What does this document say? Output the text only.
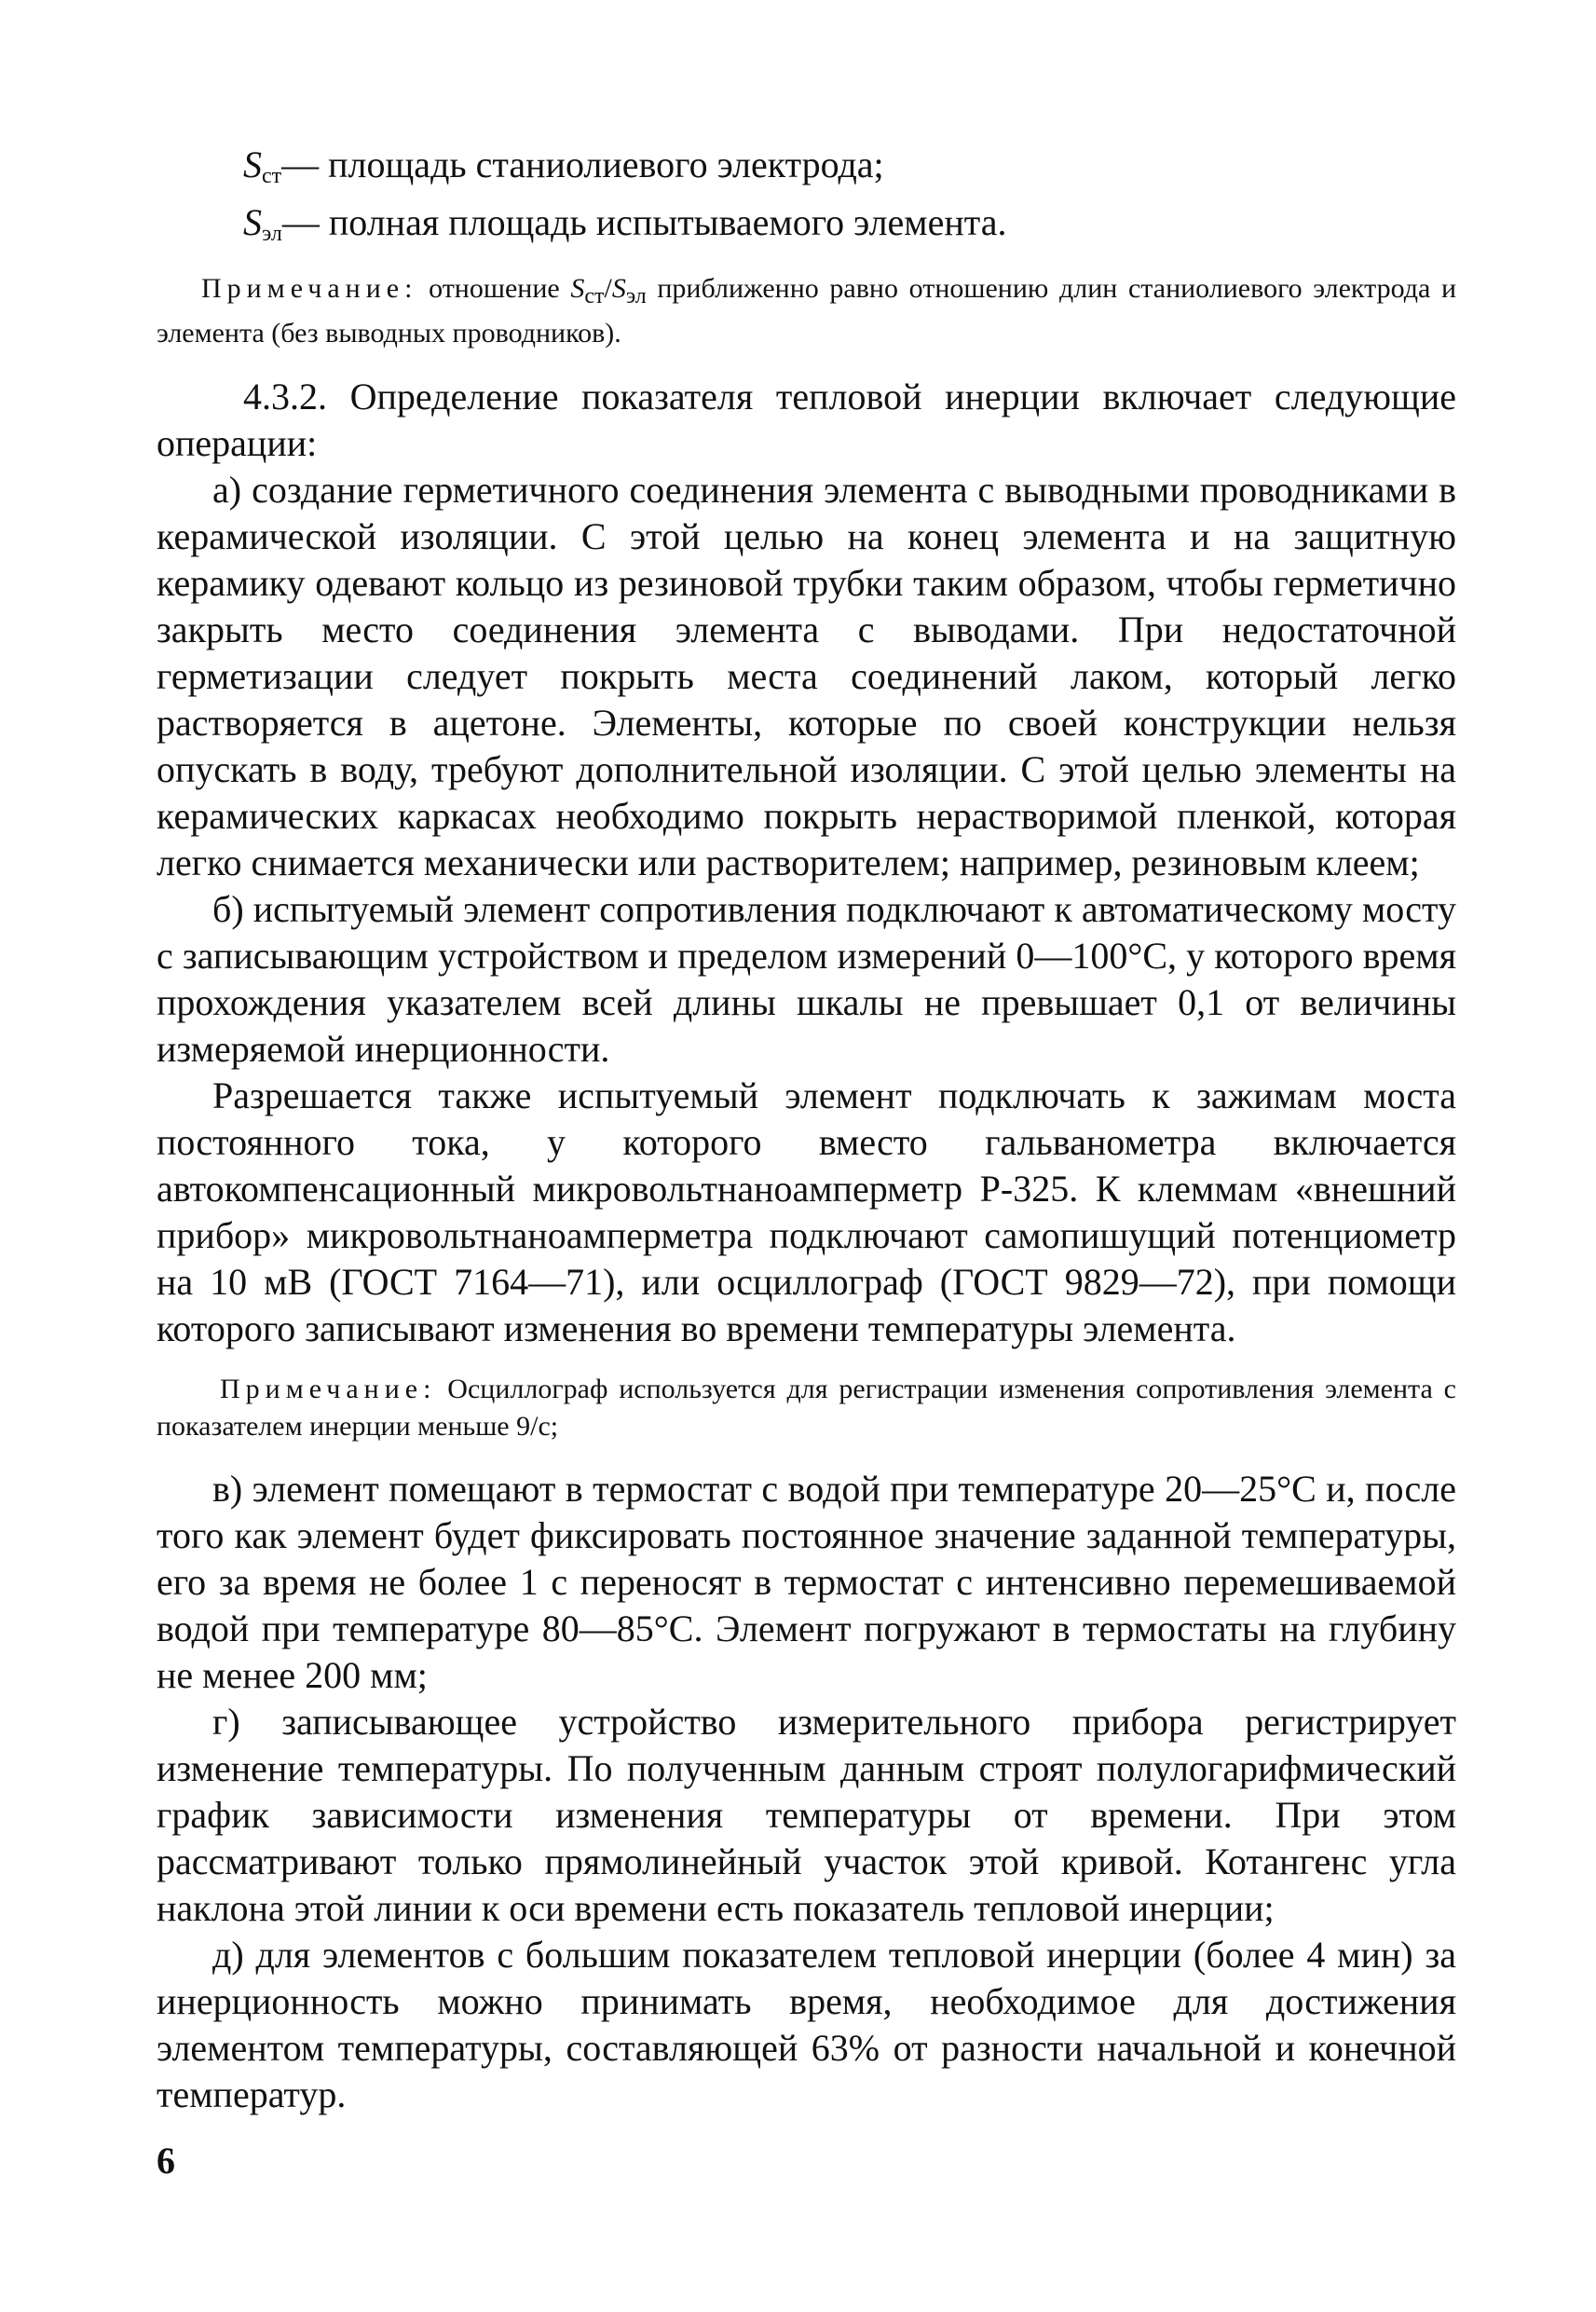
$S_{ст}—$ площадь станиолиевого электрода;

$S_{эл}—$ полная площадь испытываемого элемента.

Примечание: отношение $S_{ст}/S_{эл}$ приближенно равно отношению длин станиолиевого электрода и элемента (без выводных проводников).

4.3.2. Определение показателя тепловой инерции включает следующие операции:

а) создание герметичного соединения элемента с выводными проводниками в керамической изоляции. С этой целью на конец элемента и на защитную керамику одевают кольцо из резиновой трубки таким образом, чтобы герметично закрыть место соединения элемента с выводами. При недостаточной герметизации следует покрыть места соединений лаком, который легко растворяется в ацетоне. Элементы, которые по своей конструкции нельзя опускать в воду, требуют дополнительной изоляции. С этой целью элементы на керамических каркасах необходимо покрыть нерастворимой пленкой, которая легко снимается механически или растворителем; например, резиновым клеем;

б) испытуемый элемент сопротивления подключают к автоматическому мосту с записывающим устройством и пределом измерений 0—100°С, у которого время прохождения указателем всей длины шкалы не превышает 0,1 от величины измеряемой инерционности.

Разрешается также испытуемый элемент подключать к зажимам моста постоянного тока, у которого вместо гальванометра включается автокомпенсационный микровольтнаноамперметр Р-325. К клеммам «внешний прибор» микровольтнаноамперметра подключают самопишущий потенциометр на 10 мВ (ГОСТ 7164—71), или осциллограф (ГОСТ 9829—72), при помощи которого записывают изменения во времени температуры элемента.

Примечание: Осциллограф используется для регистрации изменения сопротивления элемента с показателем инерции меньше 9/с;

в) элемент помещают в термостат с водой при температуре 20—25°С и, после того как элемент будет фиксировать постоянное значение заданной температуры, его за время не более 1 с переносят в термостат с интенсивно перемешиваемой водой при температуре 80—85°С. Элемент погружают в термостаты на глубину не менее 200 мм;

г) записывающее устройство измерительного прибора регистрирует изменение температуры. По полученным данным строят полулогарифмический график зависимости изменения температуры от времени. При этом рассматривают только прямолинейный участок этой кривой. Котангенс угла наклона этой линии к оси времени есть показатель тепловой инерции;

д) для элементов с большим показателем тепловой инерции (более 4 мин) за инерционность можно принимать время, необходимое для достижения элементом температуры, составляющей 63% от разности начальной и конечной температур.

6
